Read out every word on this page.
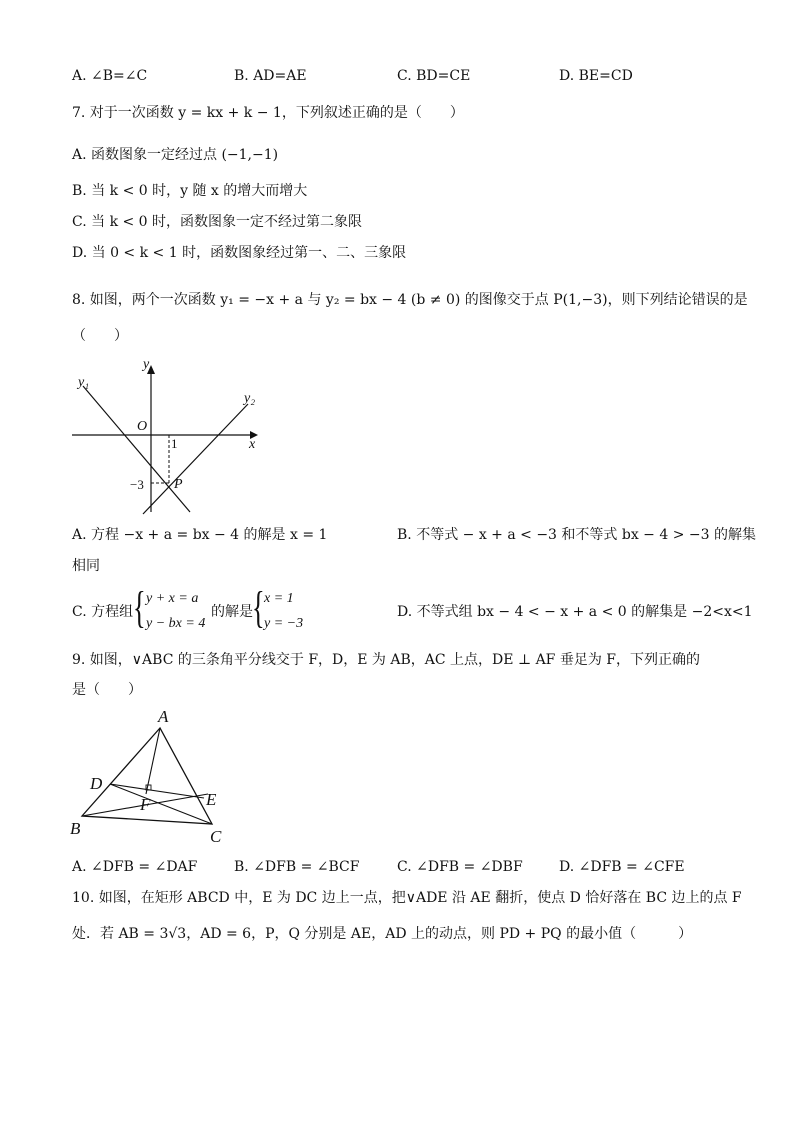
A. ∠B=∠C	B. AD=AE	C. BD=CE	D. BE=CD
7. 对于一次函数 y = kx + k − 1，下列叙述正确的是（　　）
A. 函数图象一定经过点 (−1,−1)
B. 当 k < 0 时，y 随 x 的增大而增大
C. 当 k < 0 时，函数图象一定不经过第二象限
D. 当 0 < k < 1 时，函数图象经过第一、二、三象限
8. 如图，两个一次函数 y₁ = −x + a 与 y₂ = bx − 4 (b ≠ 0) 的图像交于点 P(1,−3)，则下列结论错误的是
（　　）
y
x
O
1
−3 P
y₁
y₂
A. 方程 −x + a = bx − 4 的解是 x = 1	B. 不等式 − x + a < −3 和不等式 bx − 4 > −3 的解集
相同
C. 方程组 { y + x = a
y − bx = 4
的解是 { x = 1
y = −3
D. 不等式组 bx − 4 < − x + a < 0 的解集是 −2<x<1
9. 如图，∨ABC 的三条角平分线交于 F，D，E 为 AB，AC 上点，DE ⊥ AF 垂足为 F，下列正确的
是（　　）
A
B	C
D
E
F
A. ∠DFB = ∠DAF	B. ∠DFB = ∠BCF	C. ∠DFB = ∠DBF	D. ∠DFB = ∠CFE
10. 如图，在矩形 ABCD 中，E 为 DC 边上一点，把∨ADE 沿 AE 翻折，使点 D 恰好落在 BC 边上的点 F
处．若 AB = 3√3，AD = 6，P，Q 分别是 AE，AD 上的动点，则 PD + PQ 的最小值（　　　）
